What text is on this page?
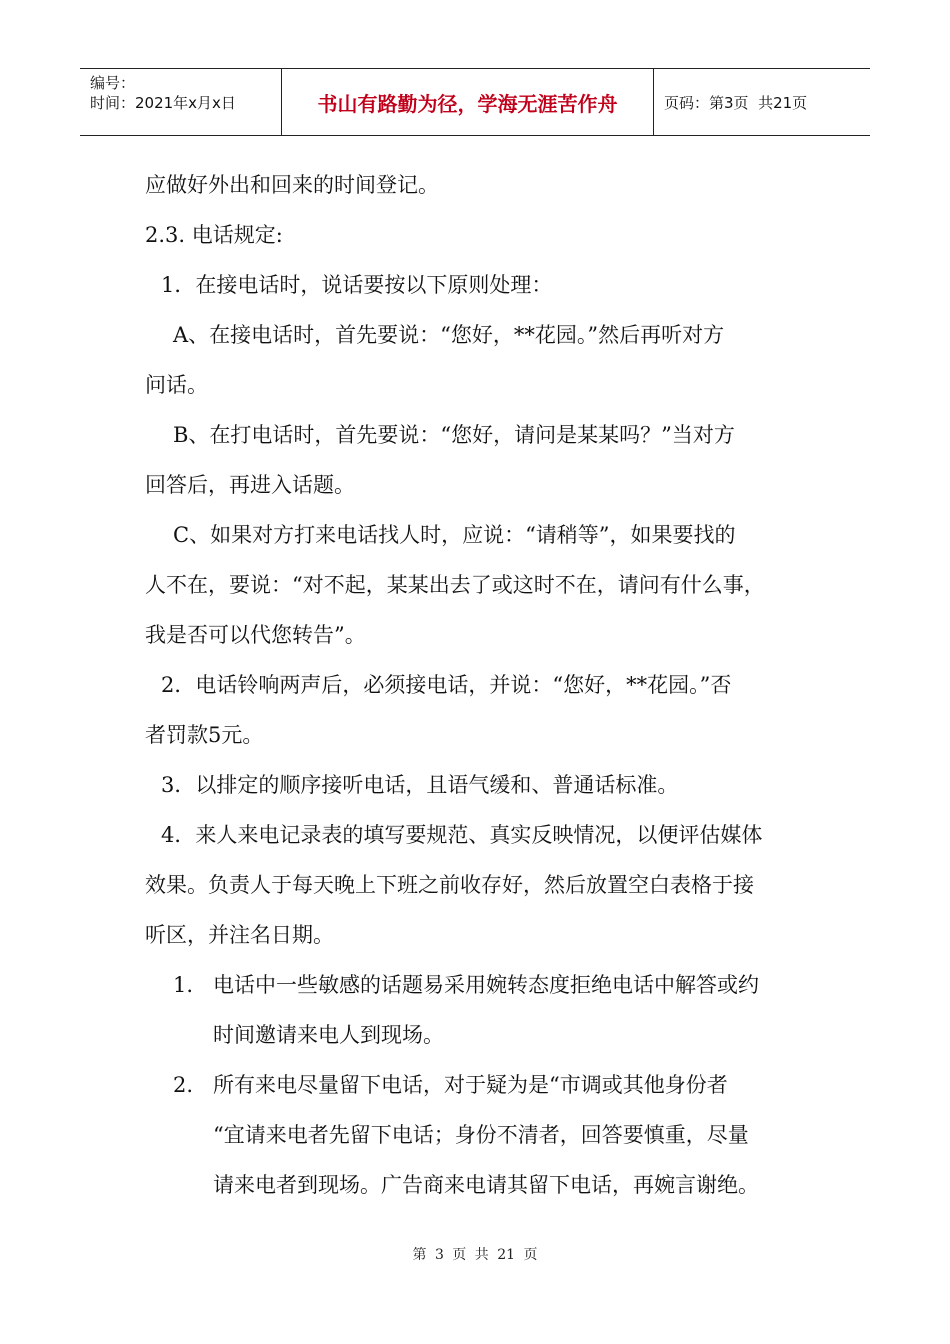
编号：
时间：2021年x月x日	书山有路勤为径，学海无涯苦作舟	页码：第3页  共21页

应做好外出和回来的时间登记。

2.3. 电话规定:

1．在接电话时，说话要按以下原则处理：

A、在接电话时，首先要说：“您好，**花园。”然后再听对方

问话。

B、在打电话时，首先要说：“您好，请问是某某吗？”当对方

回答后，再进入话题。

C、如果对方打来电话找人时，应说：“请稍等”，如果要找的

人不在，要说：“对不起，某某出去了或这时不在，请问有什么事，

我是否可以代您转告”。

2．电话铃响两声后，必须接电话，并说：“您好，**花园。”否

者罚款5元。

3．以排定的顺序接听电话，且语气缓和、普通话标准。

4．来人来电记录表的填写要规范、真实反映情况，以便评估媒体

效果。负责人于每天晚上下班之前收存好，然后放置空白表格于接

听区，并注名日期。

1. 电话中一些敏感的话题易采用婉转态度拒绝电话中解答或约

时间邀请来电人到现场。

2. 所有来电尽量留下电话，对于疑为是“市调或其他身份者

“宜请来电者先留下电话；身份不清者，回答要慎重，尽量

请来电者到现场。广告商来电请其留下电话，再婉言谢绝。

第 3 页 共 21 页
